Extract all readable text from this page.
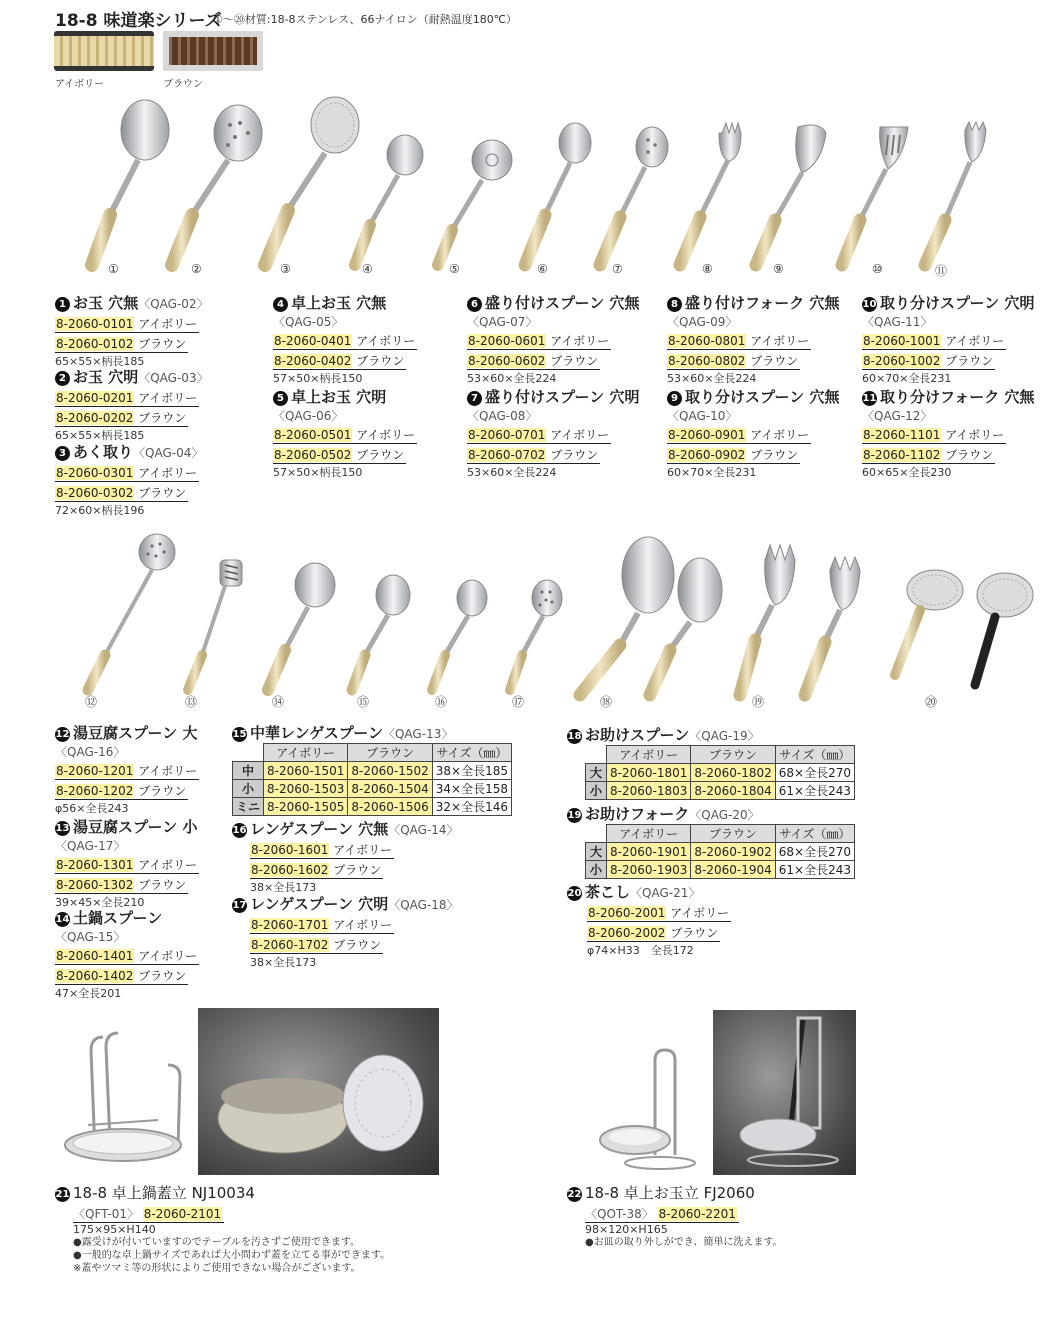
18-8 味道楽シリーズ
①～⑳材質:18-8ステンレス、66ナイロン（耐熱温度180℃）
アイボリー	ブラウン
①	②	③	④	⑤	⑥	⑦	⑧	⑨	⑩	⑪
1 お玉 穴無〈QAG-02〉
8-2060-0101 アイボリー
8-2060-0102 ブラウン
65×55×柄長185
2 お玉 穴明〈QAG-03〉
8-2060-0201 アイボリー
8-2060-0202 ブラウン
65×55×柄長185
3 あく取り〈QAG-04〉
8-2060-0301 アイボリー
8-2060-0302 ブラウン
72×60×柄長196
4 卓上お玉 穴無
〈QAG-05〉
8-2060-0401 アイボリー
8-2060-0402 ブラウン
57×50×柄長150
5 卓上お玉 穴明
〈QAG-06〉
8-2060-0501 アイボリー
8-2060-0502 ブラウン
57×50×柄長150
6 盛り付けスプーン 穴無
〈QAG-07〉
8-2060-0601 アイボリー
8-2060-0602 ブラウン
53×60×全長224
7 盛り付けスプーン 穴明
〈QAG-08〉
8-2060-0701 アイボリー
8-2060-0702 ブラウン
53×60×全長224
8 盛り付けフォーク 穴無
〈QAG-09〉
8-2060-0801 アイボリー
8-2060-0802 ブラウン
53×60×全長224
9 取り分けスプーン 穴無
〈QAG-10〉
8-2060-0901 アイボリー
8-2060-0902 ブラウン
60×70×全長231
10 取り分けスプーン 穴明
〈QAG-11〉
8-2060-1001 アイボリー
8-2060-1002 ブラウン
60×70×全長231
11 取り分けフォーク 穴無
〈QAG-12〉
8-2060-1101 アイボリー
8-2060-1102 ブラウン
60×65×全長230
⑫	⑬	⑭	⑮	⑯	⑰	⑱	⑲	⑳
12 湯豆腐スプーン 大
〈QAG-16〉
8-2060-1201 アイボリー
8-2060-1202 ブラウン
φ56×全長243
13 湯豆腐スプーン 小
〈QAG-17〉
8-2060-1301 アイボリー
8-2060-1302 ブラウン
39×45×全長210
14 土鍋スプーン
〈QAG-15〉
8-2060-1401 アイボリー
8-2060-1402 ブラウン
47×全長201
15 中華レンゲスプーン〈QAG-13〉
	アイボリー	ブラウン	サイズ（㎜）
中	8-2060-1501	8-2060-1502	38×全長185
小	8-2060-1503	8-2060-1504	34×全長158
ミニ	8-2060-1505	8-2060-1506	32×全長146
16 レンゲスプーン 穴無〈QAG-14〉
8-2060-1601 アイボリー
8-2060-1602 ブラウン
38×全長173
17 レンゲスプーン 穴明〈QAG-18〉
8-2060-1701 アイボリー
8-2060-1702 ブラウン
38×全長173
18 お助けスプーン〈QAG-19〉
	アイボリー	ブラウン	サイズ（㎜）
大	8-2060-1801	8-2060-1802	68×全長270
小	8-2060-1803	8-2060-1804	61×全長243
19 お助けフォーク〈QAG-20〉
	アイボリー	ブラウン	サイズ（㎜）
大	8-2060-1901	8-2060-1902	68×全長270
小	8-2060-1903	8-2060-1904	61×全長243
20 茶こし〈QAG-21〉
8-2060-2001 アイボリー
8-2060-2002 ブラウン
φ74×H33　全長172
21 18-8 卓上鍋蓋立 NJ10034
〈QFT-01〉 8-2060-2101
175×95×H140
●露受けが付いていますのでテーブルを汚さずご使用できます。
●一般的な卓上鍋サイズであれば大小問わず蓋を立てる事ができます。
※蓋やツマミ等の形状によりご使用できない場合がございます。
22 18-8 卓上お玉立 FJ2060
〈QOT-38〉 8-2060-2201
98×120×H165
●お皿の取り外しができ、簡単に洗えます。
